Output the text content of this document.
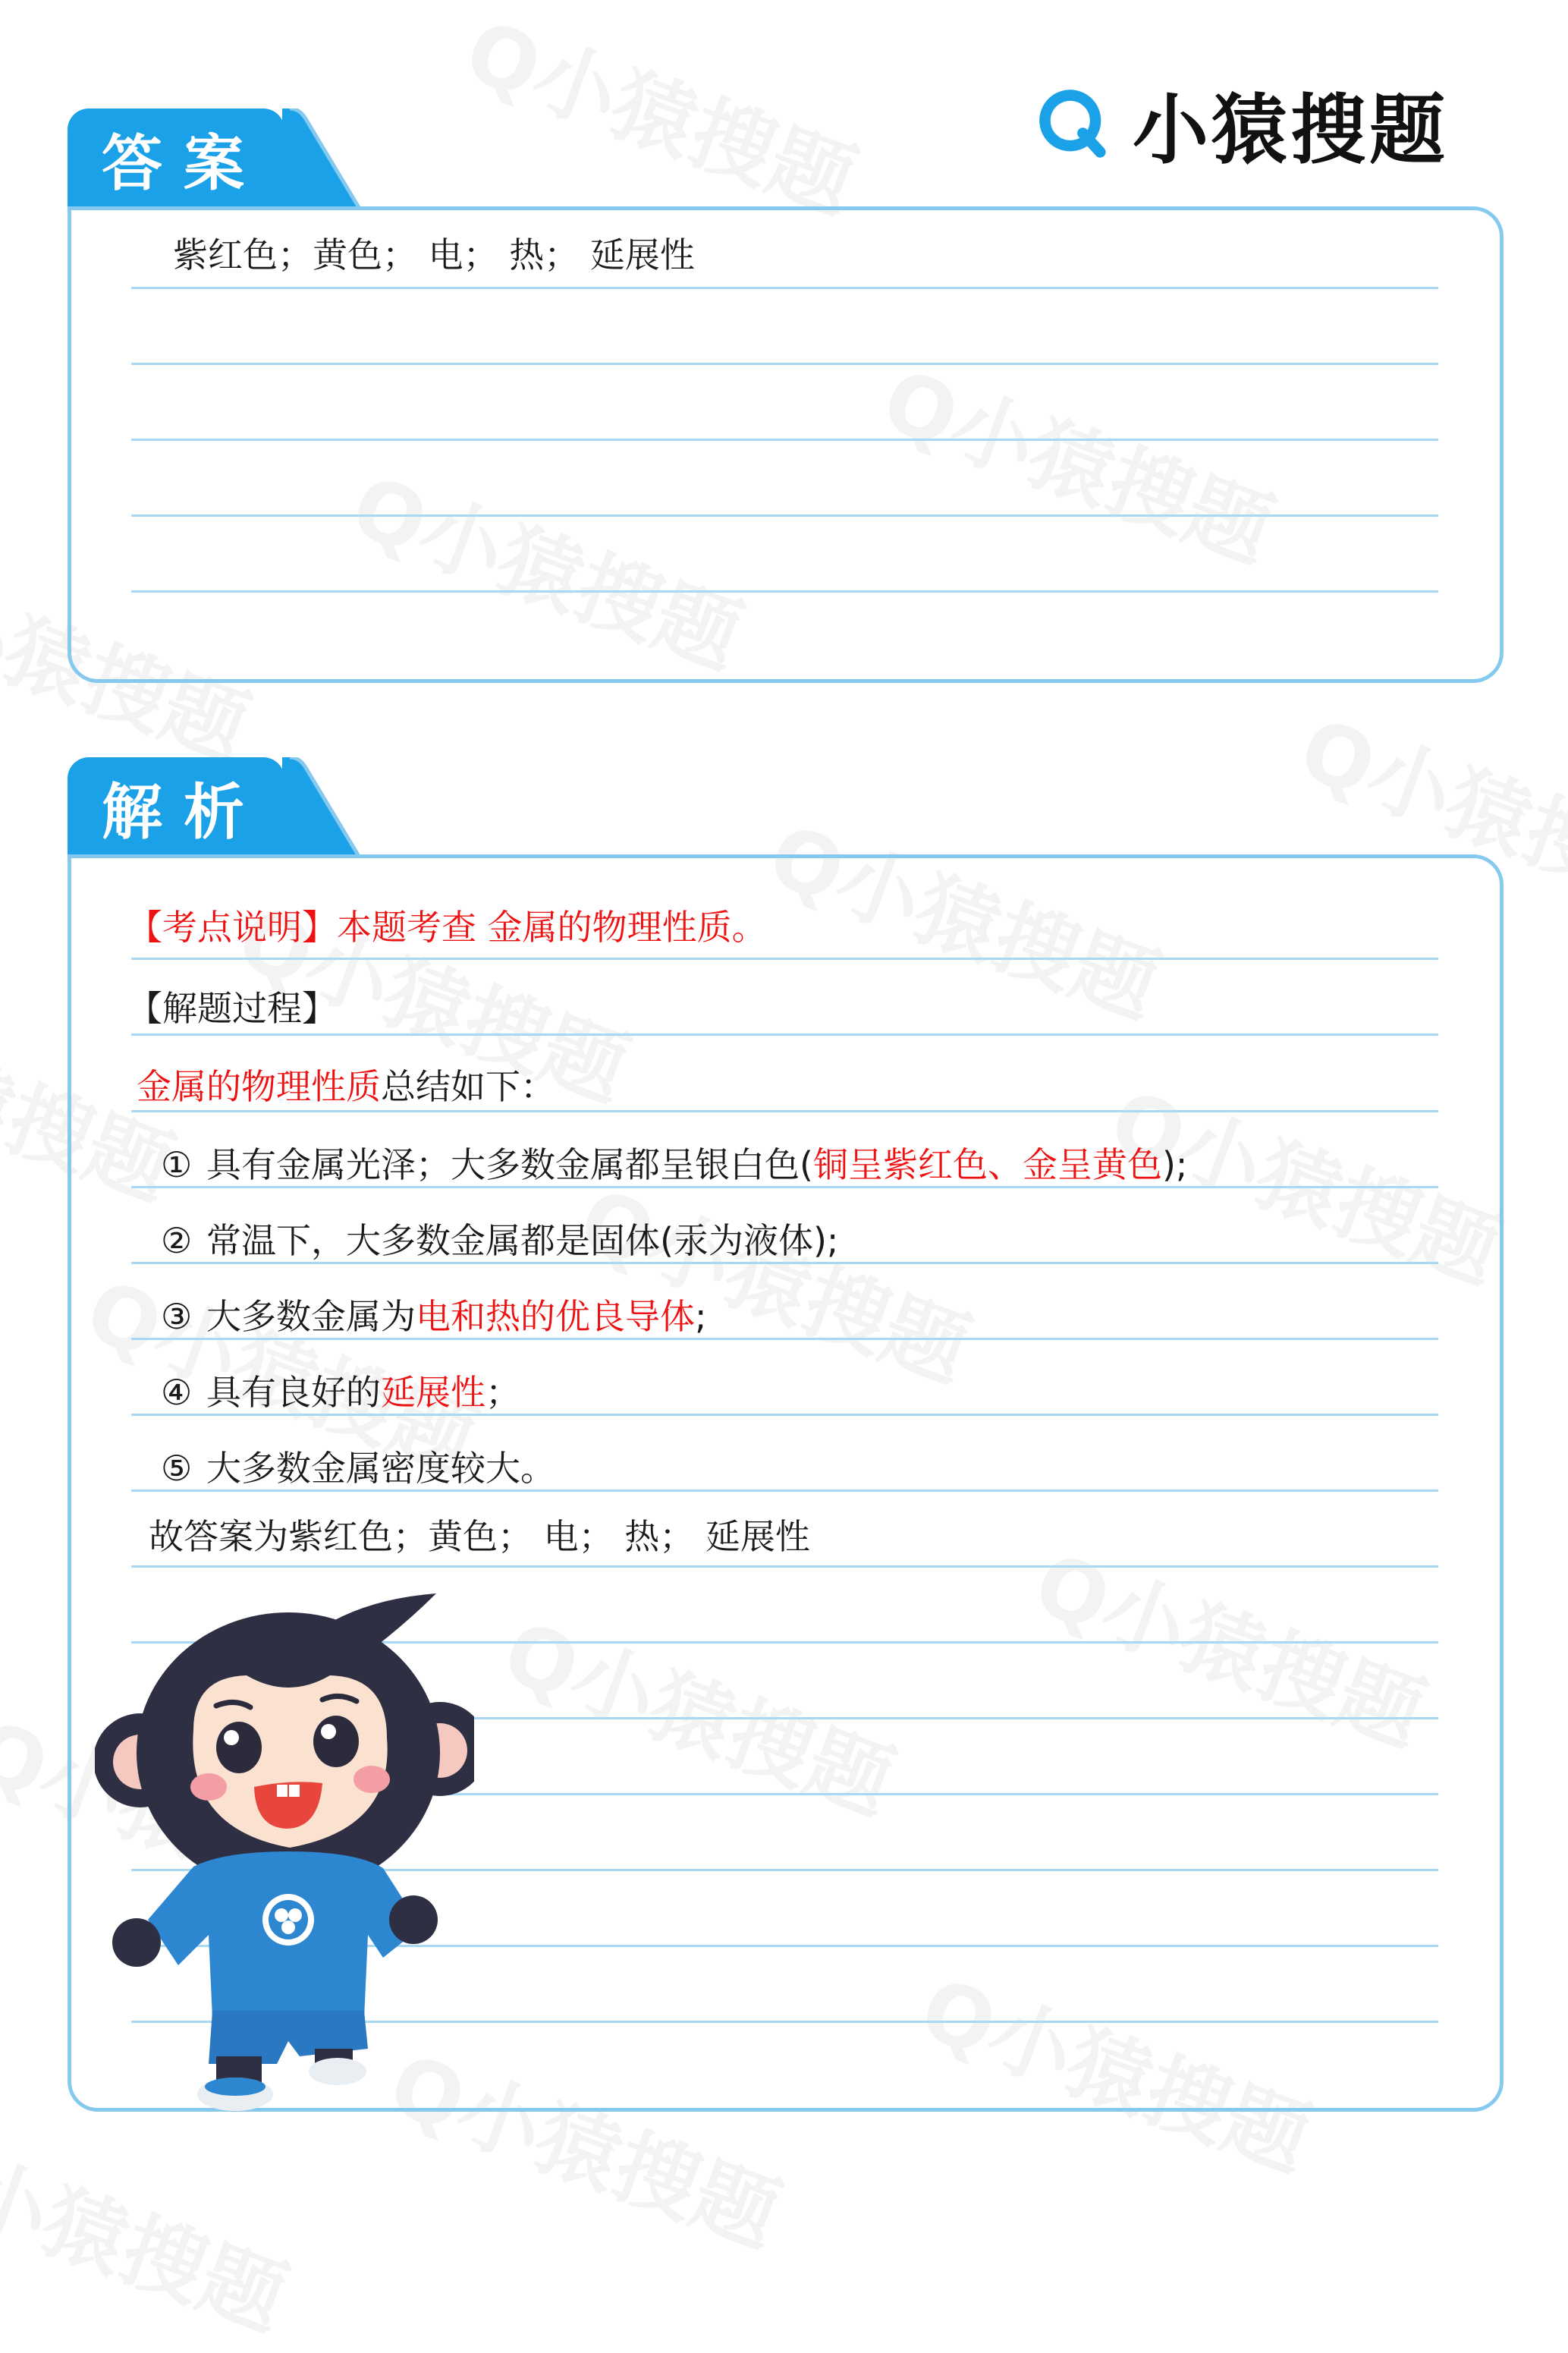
小猿搜题
答案
紫红色；黄色； 电； 热； 延展性
解析
【考点说明】本题考查 金属的物理性质。
【解题过程】
金属的物理性质总结如下：
① 具有金属光泽；大多数金属都呈银白色(铜呈紫红色、金呈黄色);
② 常温下，大多数金属都是固体(汞为液体);
③ 大多数金属为电和热的优良导体;
④ 具有良好的延展性；
⑤ 大多数金属密度较大。
故答案为紫红色；黄色； 电； 热； 延展性
